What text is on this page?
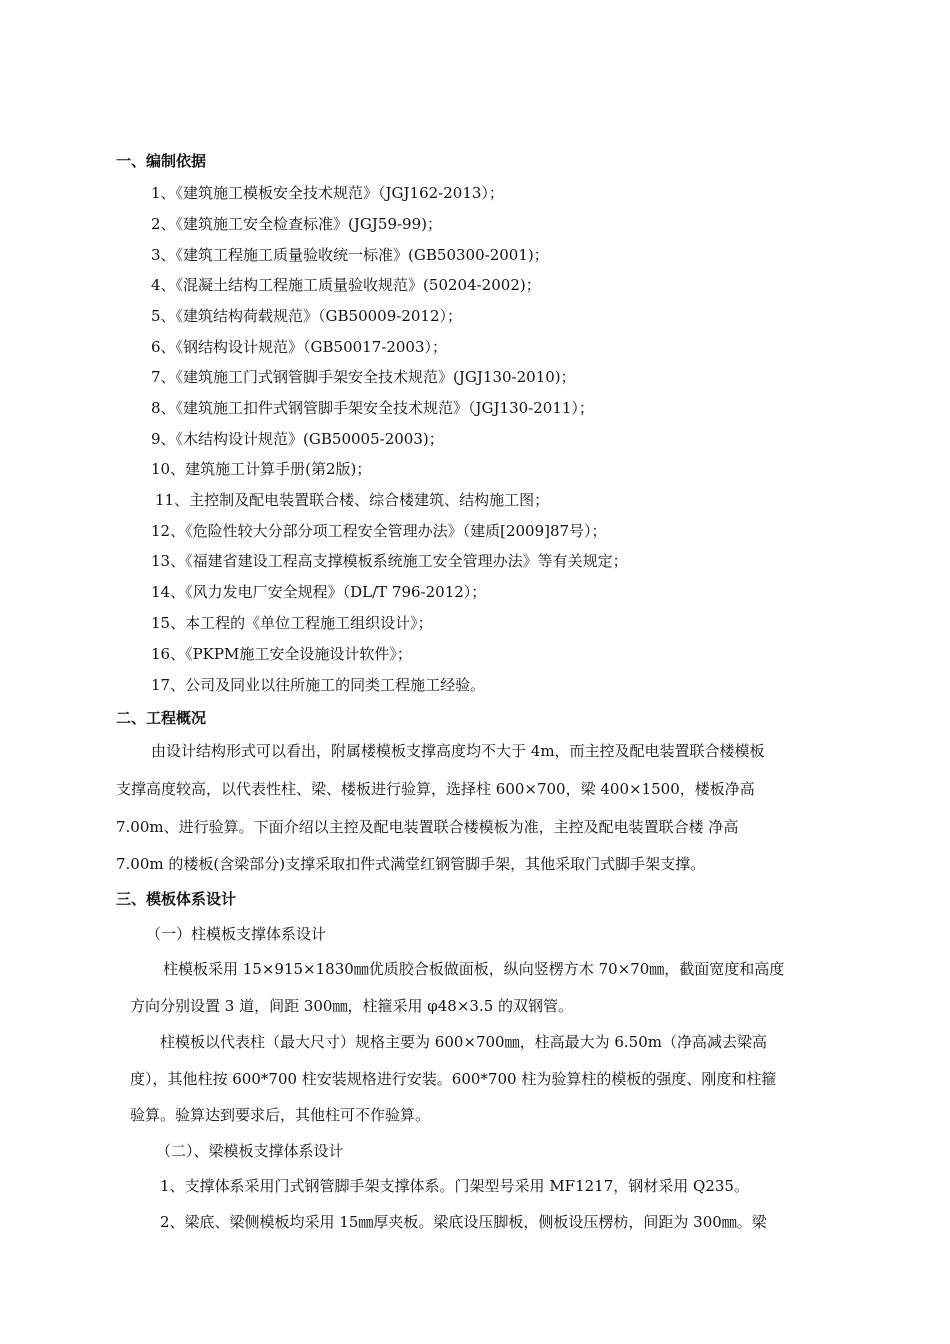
一、编制依据
1、《建筑施工模板安全技术规范》（JGJ162-2013）；
2、《建筑施工安全检查标准》(JGJ59-99)；
3、《建筑工程施工质量验收统一标准》(GB50300-2001)；
4、《混凝土结构工程施工质量验收规范》(50204-2002)；
5、《建筑结构荷载规范》（GB50009-2012）；
6、《钢结构设计规范》（GB50017-2003）；
7、《建筑施工门式钢管脚手架安全技术规范》(JGJ130-2010)；
8、《建筑施工扣件式钢管脚手架安全技术规范》（JGJ130-2011）；
9、《木结构设计规范》(GB50005-2003)；
10、建筑施工计算手册(第2版)；
11、主控制及配电装置联合楼、综合楼建筑、结构施工图；
12、《危险性较大分部分项工程安全管理办法》（建质[2009]87号）；
13、《福建省建设工程高支撑模板系统施工安全管理办法》等有关规定；
14、《风力发电厂安全规程》（DL/T 796-2012）；
15、本工程的《单位工程施工组织设计》；
16、《PKPM施工安全设施设计软件》；
17、公司及同业以往所施工的同类工程施工经验。
二、工程概况
由设计结构形式可以看出，附属楼模板支撑高度均不大于 4m，而主控及配电装置联合楼模板
支撑高度较高，以代表性柱、梁、楼板进行验算，选择柱 600×700，梁 400×1500，楼板净高
7.00m、进行验算。下面介绍以主控及配电装置联合楼模板为准，主控及配电装置联合楼 净高
7.00m 的楼板(含梁部分)支撑采取扣件式满堂红钢管脚手架，其他采取门式脚手架支撑。
三、模板体系设计
（一）柱模板支撑体系设计
柱模板采用 15×915×1830㎜优质胶合板做面板，纵向竖楞方木 70×70㎜，截面宽度和高度
方向分别设置 3 道，间距 300㎜，柱箍采用 φ48×3.5 的双钢管。
柱模板以代表柱（最大尺寸）规格主要为 600×700㎜，柱高最大为 6.50m（净高减去梁高
度），其他柱按 600*700 柱安装规格进行安装。600*700 柱为验算柱的模板的强度、刚度和柱箍
验算。验算达到要求后，其他柱可不作验算。
（二）、梁模板支撑体系设计
1、支撑体系采用门式钢管脚手架支撑体系。门架型号采用 MF1217，钢材采用 Q235。
2、梁底、梁侧模板均采用 15㎜厚夹板。梁底设压脚板，侧板设压楞枋，间距为 300㎜。梁
